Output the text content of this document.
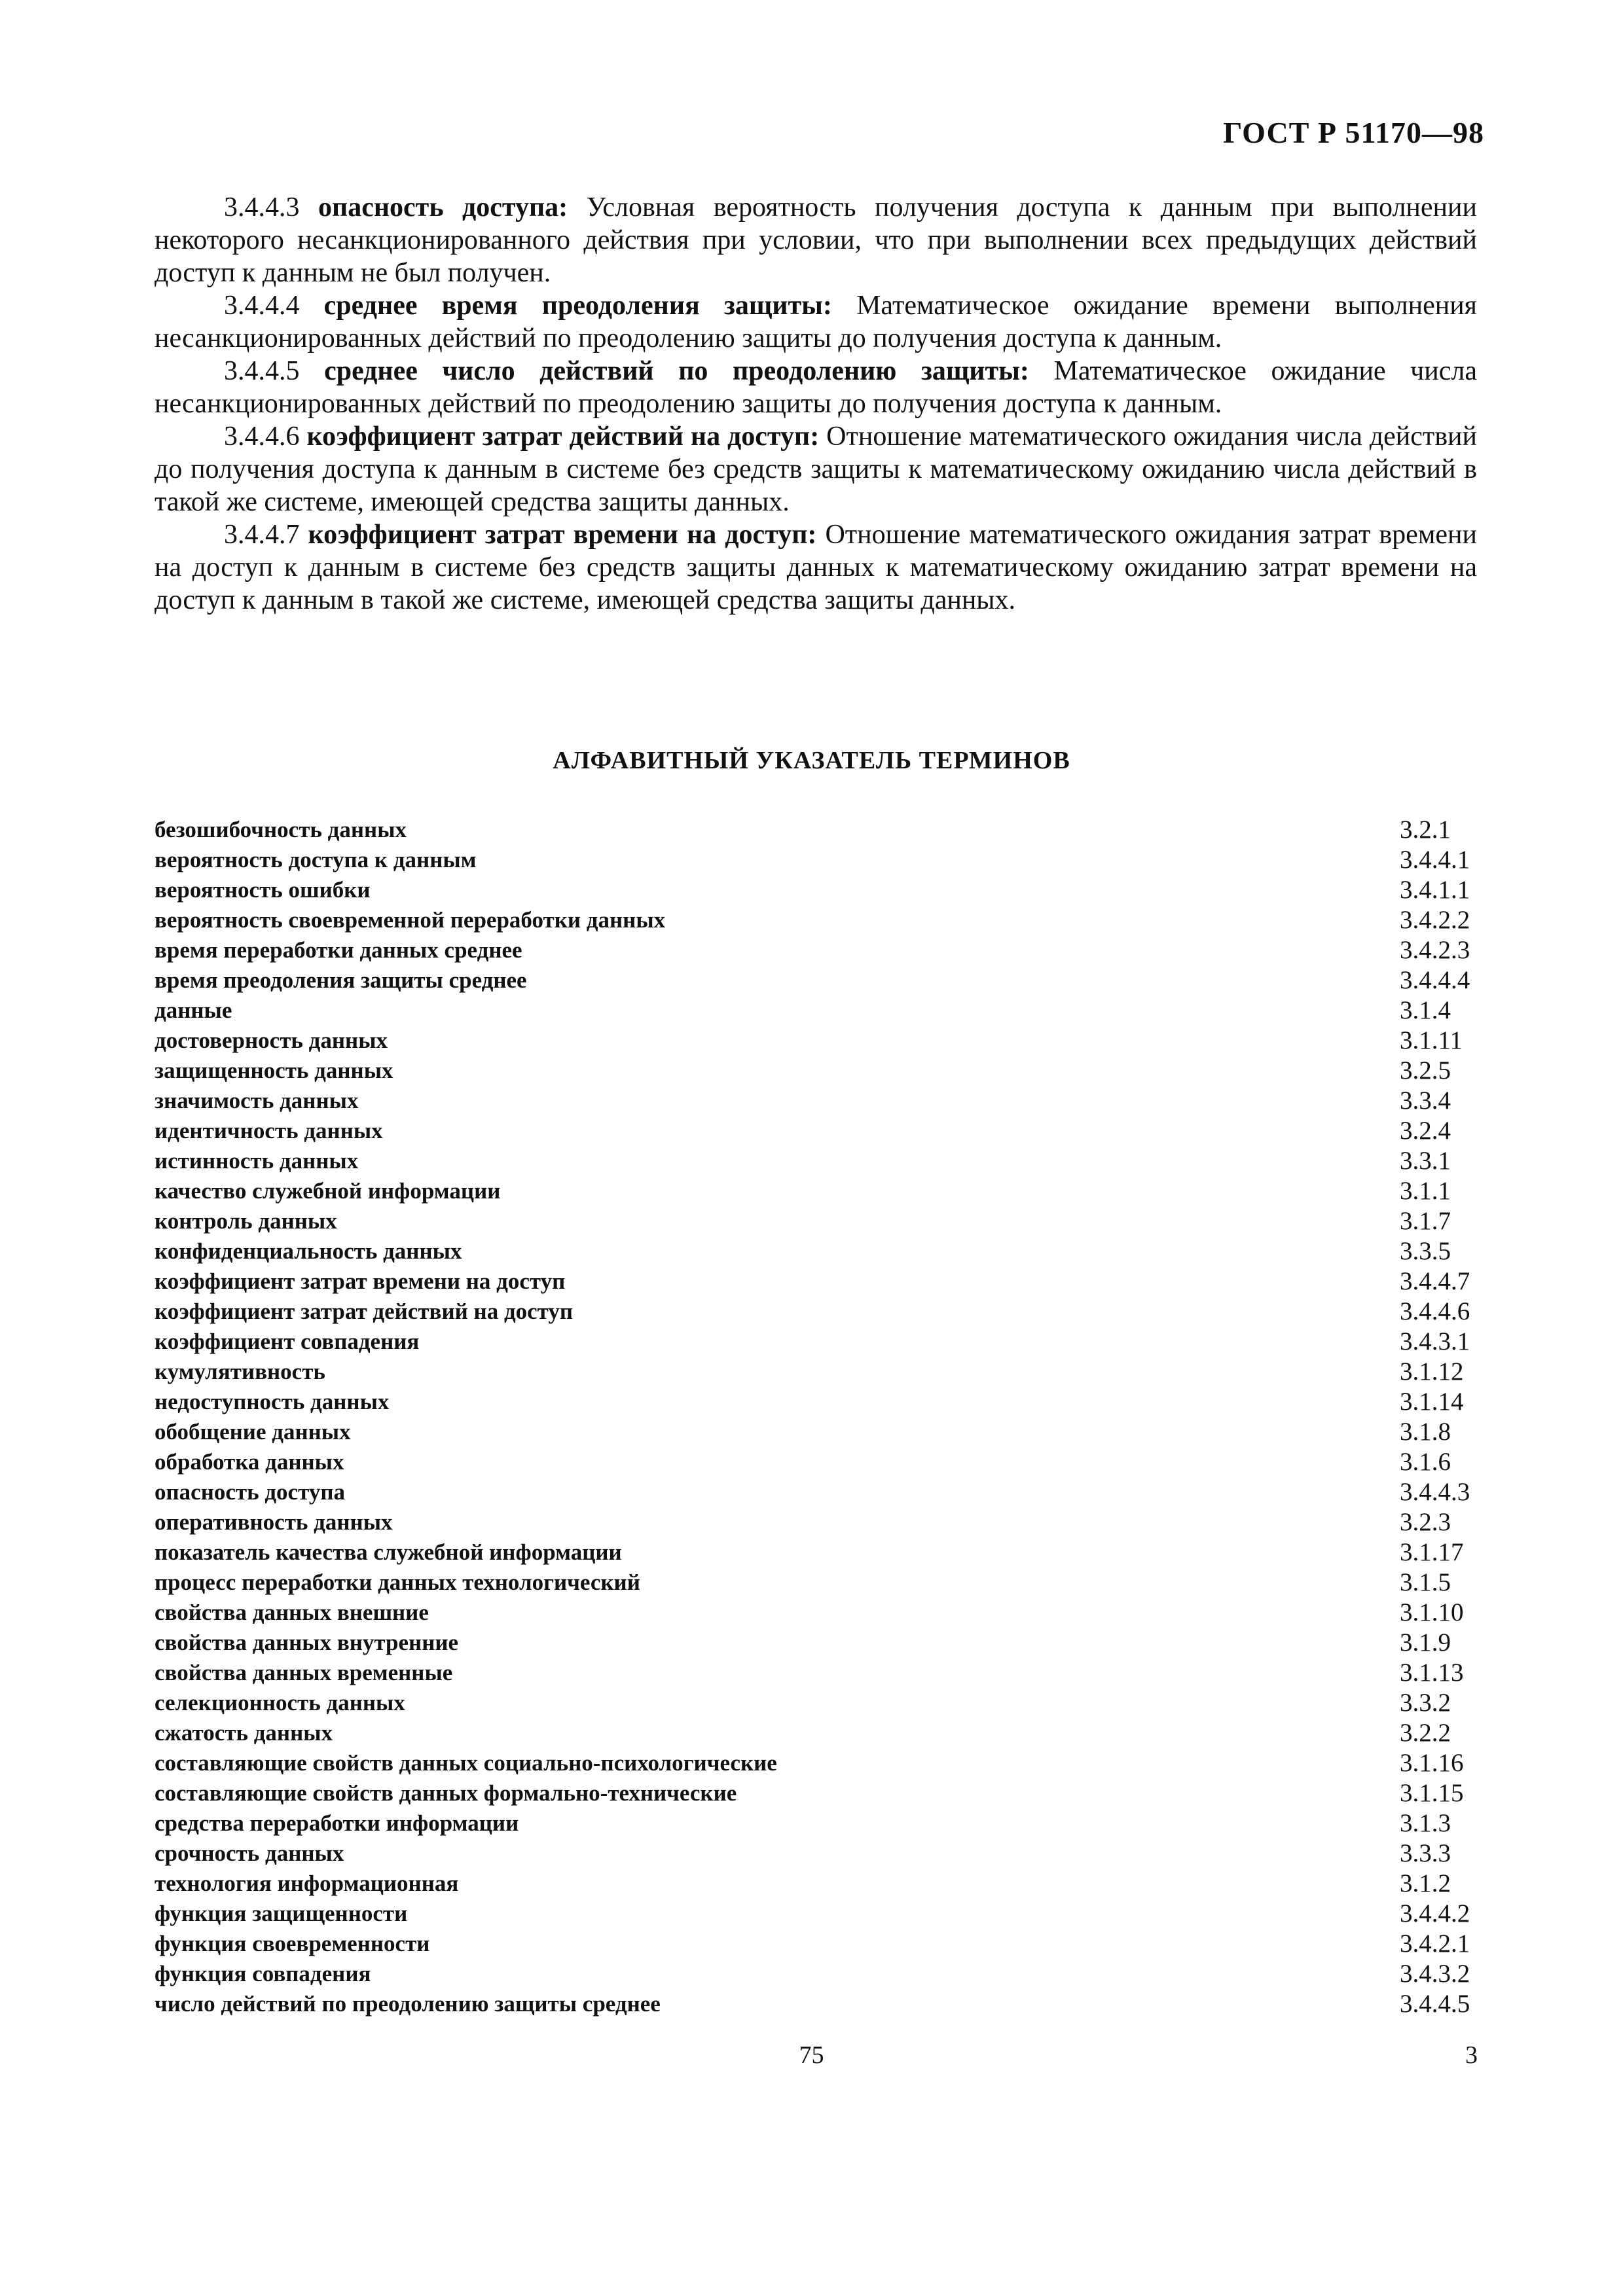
ГОСТ Р 51170—98

3.4.4.3 опасность доступа: Условная вероятность получения доступа к данным при выполнении некоторого несанкционированного действия при условии, что при выполнении всех предыдущих действий доступ к данным не был получен.

3.4.4.4 среднее время преодоления защиты: Математическое ожидание времени выполнения несанкционированных действий по преодолению защиты до получения доступа к данным.

3.4.4.5 среднее число действий по преодолению защиты: Математическое ожидание числа несанкционированных действий по преодолению защиты до получения доступа к данным.

3.4.4.6 коэффициент затрат действий на доступ: Отношение математического ожидания числа действий до получения доступа к данным в системе без средств защиты к математическому ожиданию числа действий в такой же системе, имеющей средства защиты данных.

3.4.4.7 коэффициент затрат времени на доступ: Отношение математического ожидания затрат времени на доступ к данным в системе без средств защиты данных к математическому ожиданию затрат времени на доступ к данным в такой же системе, имеющей средства защиты данных.

АЛФАВИТНЫЙ УКАЗАТЕЛЬ ТЕРМИНОВ
безошибочность данных	3.2.1
вероятность доступа к данным	3.4.4.1
вероятность ошибки	3.4.1.1
вероятность своевременной переработки данных	3.4.2.2
время переработки данных среднее	3.4.2.3
время преодоления защиты среднее	3.4.4.4
данные	3.1.4
достоверность данных	3.1.11
защищенность данных	3.2.5
значимость данных	3.3.4
идентичность данных	3.2.4
истинность данных	3.3.1
качество служебной информации	3.1.1
контроль данных	3.1.7
конфиденциальность данных	3.3.5
коэффициент затрат времени на доступ	3.4.4.7
коэффициент затрат действий на доступ	3.4.4.6
коэффициент совпадения	3.4.3.1
кумулятивность	3.1.12
недоступность данных	3.1.14
обобщение данных	3.1.8
обработка данных	3.1.6
опасность доступа	3.4.4.3
оперативность данных	3.2.3
показатель качества служебной информации	3.1.17
процесс переработки данных технологический	3.1.5
свойства данных внешние	3.1.10
свойства данных внутренние	3.1.9
свойства данных временные	3.1.13
селекционность данных	3.3.2
сжатость данных	3.2.2
составляющие свойств данных социально-психологические	3.1.16
составляющие свойств данных формально-технические	3.1.15
средства переработки информации	3.1.3
срочность данных	3.3.3
технология информационная	3.1.2
функция защищенности	3.4.4.2
функция своевременности	3.4.2.1
функция совпадения	3.4.3.2
число действий по преодолению защиты среднее	3.4.4.5
75	3
